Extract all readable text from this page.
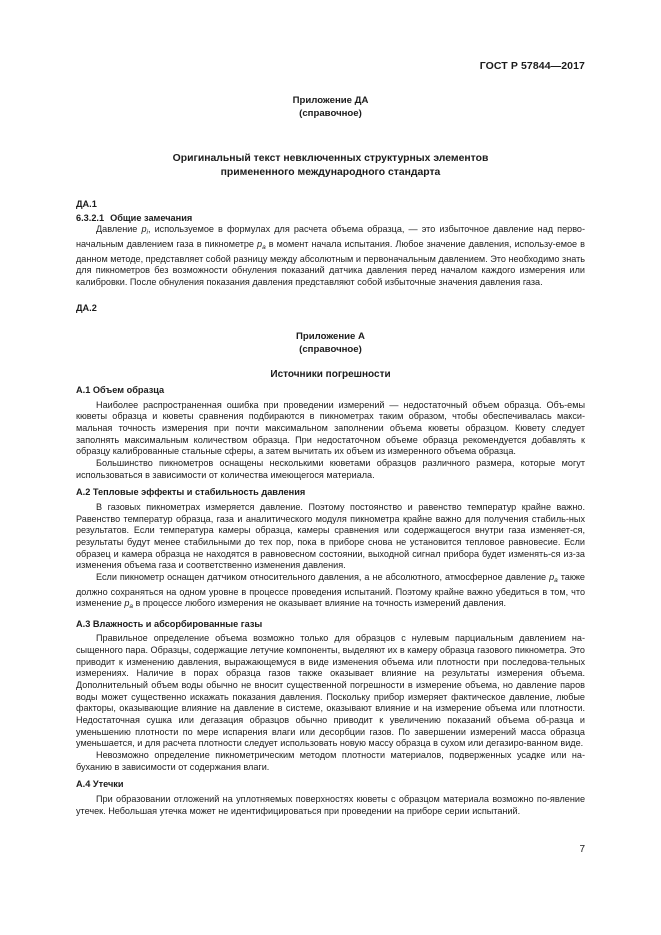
ГОСТ Р 57844—2017
Приложение ДА
(справочное)
Оригинальный текст невключенных структурных элементов
примененного международного стандарта

ДА.1

6.3.2.1 Общие замечания

Давление $p_i$, используемое в формулах для расчета объема образца, — это избыточное давление над перво-начальным давлением газа в пикнометре $p_a$ в момент начала испытания. Любое значение давления, использу-емое в данном методе, представляет собой разницу между абсолютным и первоначальным давлением. Это необходимо знать для пикнометров без возможности обнуления показаний датчика давления перед началом каждого измерения или калибровки. После обнуления показания давления представляют собой избыточные значения давления газа.

ДА.2

Приложение А
(справочное)
Источники погрешности

А.1 Объем образца

Наиболее распространенная ошибка при проведении измерений — недостаточный объем образца. Объ-емы кюветы образца и кюветы сравнения подбираются в пикнометрах таким образом, чтобы обеспечивалась макси-мальная точность измерения при почти максимальном заполнении объема кюветы образцом. Кювету следует заполнять максимальным количеством образца. При недостаточном объеме образца рекомендуется добавлять к образцу калиброванные стальные сферы, а затем вычитать их объем из измеренного объема образца.

Большинство пикнометров оснащены несколькими кюветами образцов различного размера, которые могут использоваться в зависимости от количества имеющегося материала.

А.2 Тепловые эффекты и стабильность давления

В газовых пикнометрах измеряется давление. Поэтому постоянство и равенство температур крайне важно. Равенство температур образца, газа и аналитического модуля пикнометра крайне важно для получения стабиль-ных результатов. Если температура камеры образца, камеры сравнения или содержащегося внутри газа изменяет-ся, результаты будут менее стабильными до тех пор, пока в приборе снова не установится тепловое равновесие. Если образец и камера образца не находятся в равновесном состоянии, выходной сигнал прибора будет изменять-ся из-за изменения объема газа и соответственно изменения давления.

Если пикнометр оснащен датчиком относительного давления, а не абсолютного, атмосферное давление $p_a$ также должно сохраняться на одном уровне в процессе проведения испытаний. Поэтому крайне важно убедиться в том, что изменение $p_a$ в процессе любого измерения не оказывает влияние на точность измерений давления.

А.3 Влажность и абсорбированные газы

Правильное определение объема возможно только для образцов с нулевым парциальным давлением на-сыщенного пара. Образцы, содержащие летучие компоненты, выделяют их в камеру образца газового пикнометра. Это приводит к изменению давления, выражающемуся в виде изменения объема или плотности при последова-тельных измерениях. Наличие в порах образца газов также оказывает влияние на результаты измерения объема. Дополнительный объем воды обычно не вносит существенной погрешности в измерение объема, но давление паров воды может существенно искажать показания давления. Поскольку прибор измеряет фактическое давление, любые факторы, оказывающие влияние на давление в системе, оказывают влияние и на измерение объема или плотности. Недостаточная сушка или дегазация образцов обычно приводит к увеличению показаний объема об-разца и уменьшению плотности по мере испарения влаги или десорбции газов. По завершении измерений масса образца уменьшается, и для расчета плотности следует использовать новую массу образца в сухом или дегазиро-ванном виде.

Невозможно определение пикнометрическим методом плотности материалов, подверженных усадке или на-буханию в зависимости от содержания влаги.

А.4 Утечки

При образовании отложений на уплотняемых поверхностях кюветы с образцом материала возможно по-явление утечек. Небольшая утечка может не идентифицироваться при проведении на приборе серии испытаний.

7
